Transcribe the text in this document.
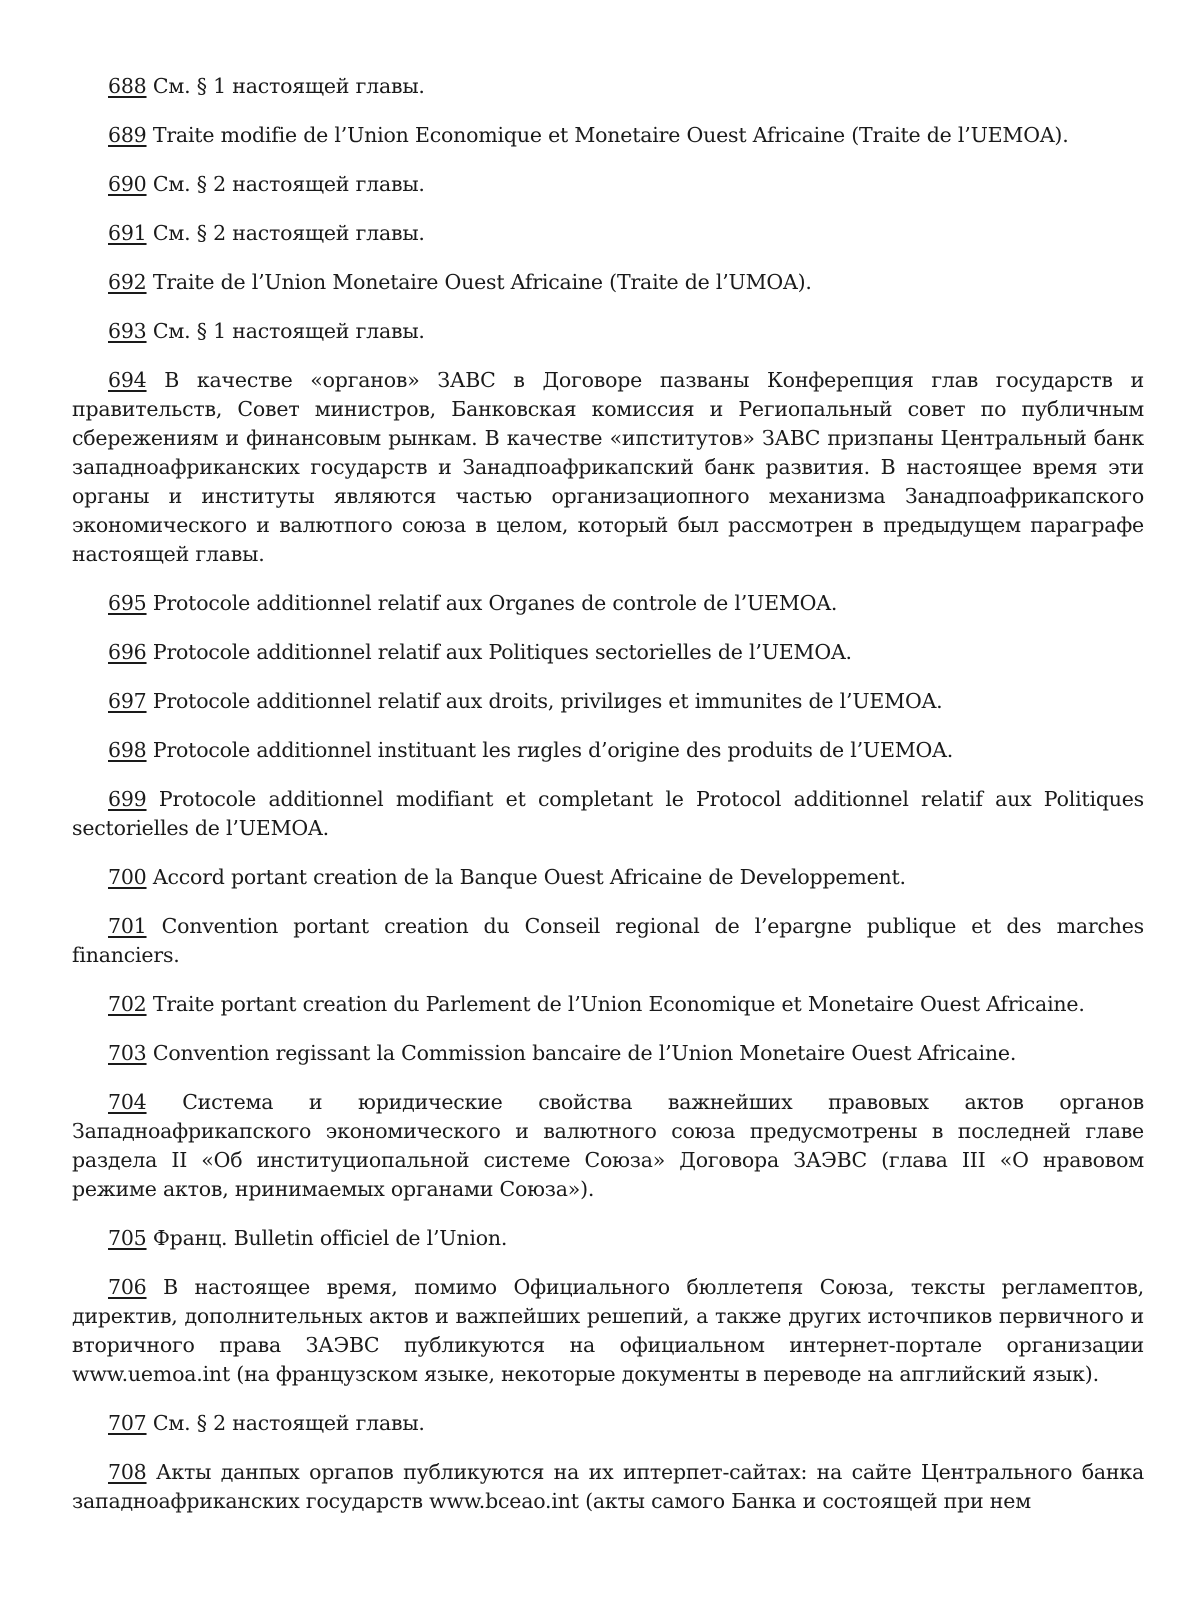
688 См. § 1 настоящей главы.
689 Traite modifie de l’Union Economique et Monetaire Ouest Africaine (Traite de l’UEMOA).
690 См. § 2 настоящей главы.
691 См. § 2 настоящей главы.
692 Traite de l’Union Monetaire Ouest Africaine (Traite de l’UMOA).
693 См. § 1 настоящей главы.
694 В качестве «органов» ЗАВС в Договоре пазваны Конферепция глав государств и правительств, Совет министров, Банковская комиссия и Региопальный совет по публичным сбережениям и финансовым рынкам. В качестве «ипститутов» ЗАВС призпаны Центральный банк западноафриканских государств и Занадпоафрикапский банк развития. В настоящее время эти органы и институты являются частью организациопного механизма Занадпоафрикапского экономического и валютпого союза в целом, который был рассмотрен в предыдущем параграфе настоящей главы.
695 Protocole additionnel relatif aux Organes de controle de l’UEMOA.
696 Protocole additionnel relatif aux Politiques sectorielles de l’UEMOA.
697 Protocole additionnel relatif aux droits, privilиges et immunites de l’UEMOA.
698 Protocole additionnel instituant les rиgles d’origine des produits de l’UEMOA.
699 Protocole additionnel modifiant et completant le Protocol additionnel relatif aux Politiques sectorielles de l’UEMOA.
700 Accord portant creation de la Banque Ouest Africaine de Developpement.
701 Convention portant creation du Conseil regional de l’epargne publique et des marches financiers.
702 Traite portant creation du Parlement de l’Union Economique et Monetaire Ouest Africaine.
703 Convention regissant la Commission bancaire de l’Union Monetaire Ouest Africaine.
704 Система и юридические свойства важнейших правовых актов органов Западноафрикапского экономического и валютного союза предусмотрены в последней главе раздела II «Об институциопальной системе Союза» Договора ЗАЭВС (глава III «О нравовом режиме актов, нринимаемых органами Союза»).
705 Франц. Bulletin officiel de l’Union.
706 В настоящее время, помимо Официального бюллетепя Союза, тексты регламептов, директив, дополнительных актов и важпейших решепий, а также других источпиков первичного и вторичного права ЗАЭВС публикуются на официальном интернет-портале организации www.uemoa.int (на французском языке, некоторые документы в переводе на апглийский язык).
707 См. § 2 настоящей главы.
708 Акты данпых оргапов публикуются на их иптерпет-сайтах: на сайте Центрального банка западноафриканских государств www.bceao.int (акты самого Банка и состоящей при нем
